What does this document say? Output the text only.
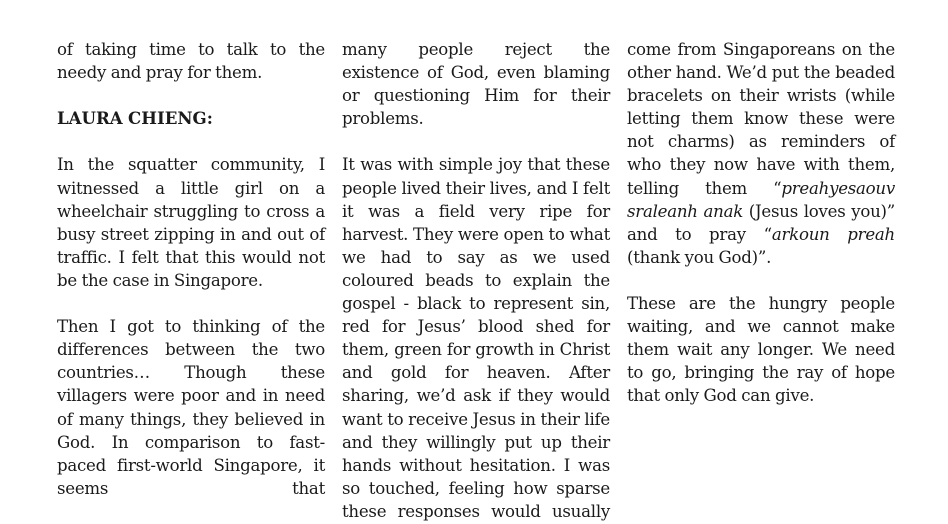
of taking time to talk to the needy and pray for them.

LAURA CHIENG:

In the squatter community, I witnessed a little girl on a wheelchair struggling to cross a busy street zipping in and out of traffic. I felt that this would not be the case in Singapore.

Then I got to thinking of the differences between the two countries… Though these villagers were poor and in need of many things, they believed in God. In comparison to fast-paced first-world Singapore, it seems that

many people reject the existence of God, even blaming or questioning Him for their problems.

It was with simple joy that these people lived their lives, and I felt it was a field very ripe for harvest. They were open to what we had to say as we used coloured beads to explain the gospel - black to represent sin, red for Jesus’ blood shed for them, green for growth in Christ and gold for heaven. After sharing, we’d ask if they would want to receive Jesus in their life and they willingly put up their hands without hesitation. I was so touched, feeling how sparse these responses would usually

come from Singaporeans on the other hand. We’d put the beaded bracelets on their wrists (while letting them know these were not charms) as reminders of who they now have with them, telling them “preahyesaouv sraleanh anak (Jesus loves you)” and to pray “arkoun preah (thank you God)”.

These are the hungry people waiting, and we cannot make them wait any longer. We need to go, bringing the ray of hope that only God can give.
